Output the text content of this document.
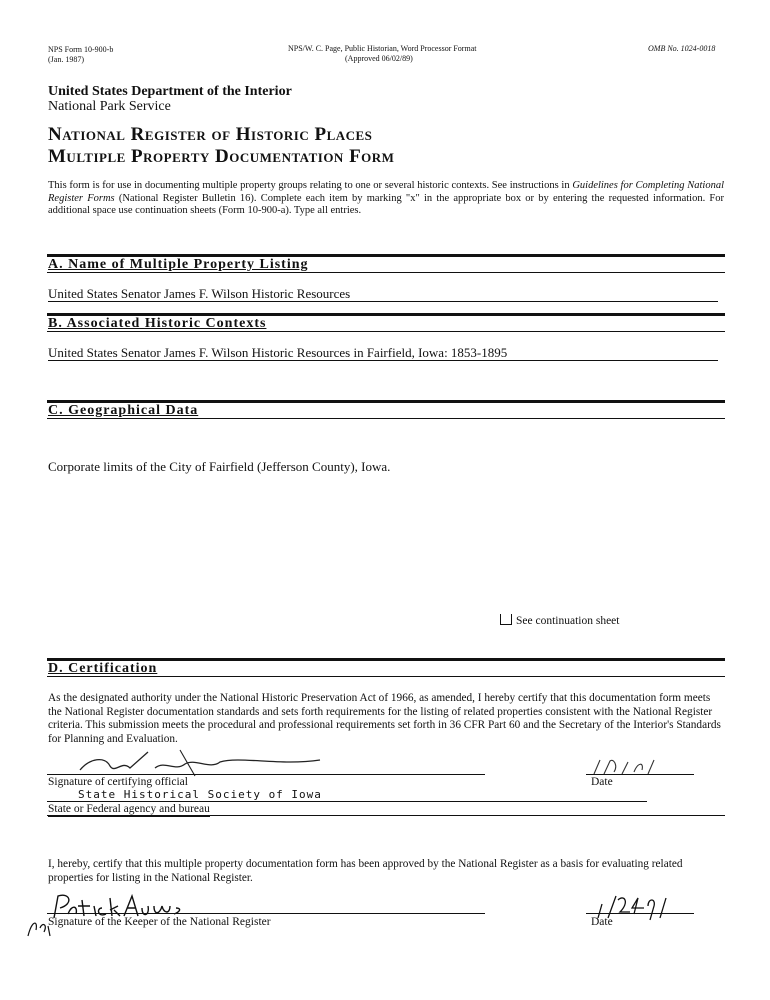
NPS Form 10-900-b
(Jan. 1987)
NPS/W. C. Page, Public Historian, Word Processor Format
(Approved 06/02/89)
OMB No. 1024-0018
United States Department of the Interior
National Park Service
National Register of Historic Places
Multiple Property Documentation Form
This form is for use in documenting multiple property groups relating to one or several historic contexts. See instructions in Guidelines for Completing National Register Forms (National Register Bulletin 16). Complete each item by marking "x" in the appropriate box or by entering the requested information. For additional space use continuation sheets (Form 10-900-a). Type all entries.
A. Name of Multiple Property Listing
United States Senator James F. Wilson Historic Resources
B. Associated Historic Contexts
United States Senator James F. Wilson Historic Resources in Fairfield, Iowa: 1853-1895
C. Geographical Data
Corporate limits of the City of Fairfield (Jefferson County), Iowa.
See continuation sheet
D. Certification
As the designated authority under the National Historic Preservation Act of 1966, as amended, I hereby certify that this documentation form meets the National Register documentation standards and sets forth requirements for the listing of related properties consistent with the National Register criteria. This submission meets the procedural and professional requirements set forth in 36 CFR Part 60 and the Secretary of the Interior's Standards for Planning and Evaluation.
Signature of certifying official	Date
State Historical Society of Iowa
State or Federal agency and bureau
I, hereby, certify that this multiple property documentation form has been approved by the National Register as a basis for evaluating related properties for listing in the National Register.
Signature of the Keeper of the National Register	Date
